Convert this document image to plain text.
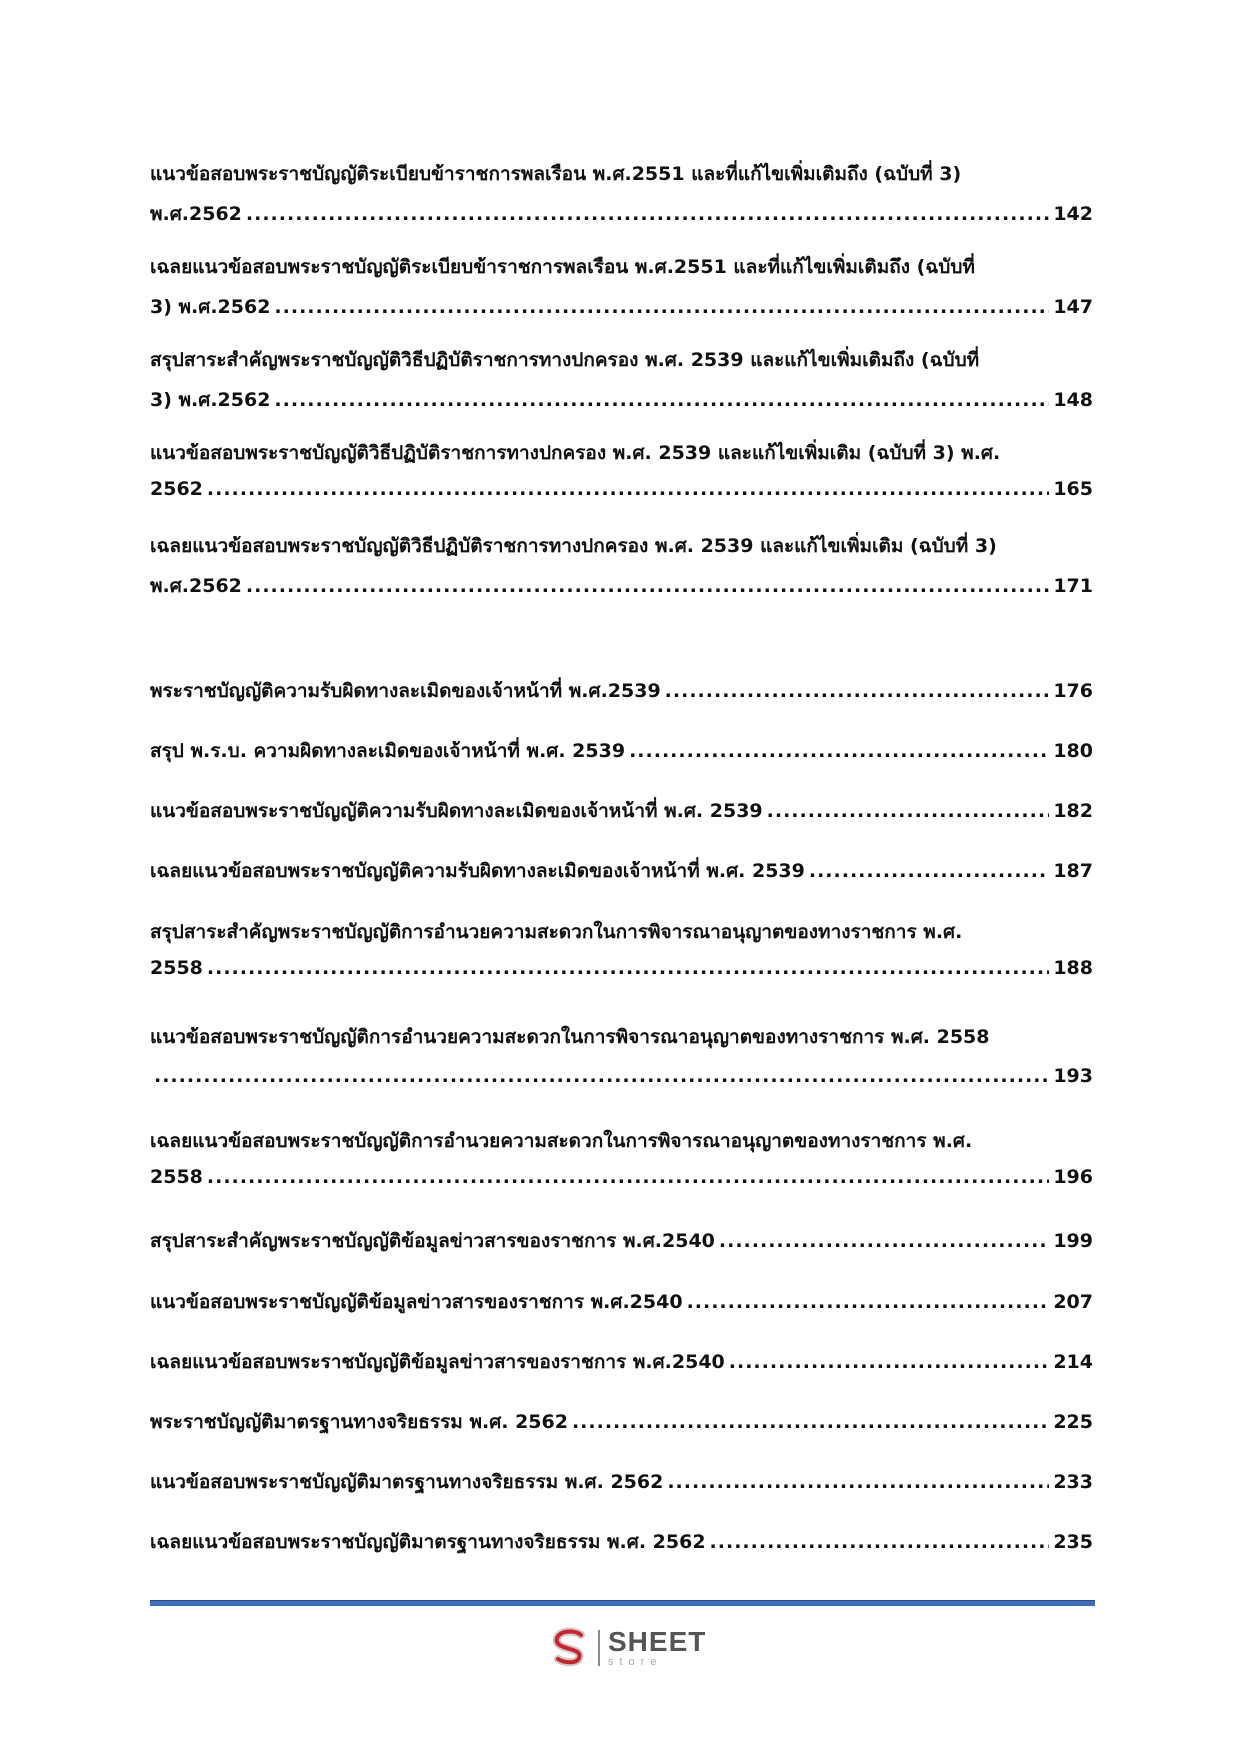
แนวข้อสอบพระราชบัญญัติระเบียบข้าราชการพลเรือน พ.ศ.2551 และที่แก้ไขเพิ่มเติมถึง (ฉบับที่ 3)
พ.ศ.2562 .....	142
เฉลยแนวข้อสอบพระราชบัญญัติระเบียบข้าราชการพลเรือน พ.ศ.2551 และที่แก้ไขเพิ่มเติมถึง (ฉบับที่
3) พ.ศ.2562 .....	147
สรุปสาระสำคัญพระราชบัญญัติวิธีปฏิบัติราชการทางปกครอง พ.ศ. 2539 และแก้ไขเพิ่มเติมถึง (ฉบับที่
3) พ.ศ.2562 .....	148
แนวข้อสอบพระราชบัญญัติวิธีปฏิบัติราชการทางปกครอง พ.ศ. 2539 และแก้ไขเพิ่มเติม (ฉบับที่ 3) พ.ศ.
2562 .....	165
เฉลยแนวข้อสอบพระราชบัญญัติวิธีปฏิบัติราชการทางปกครอง พ.ศ. 2539 และแก้ไขเพิ่มเติม (ฉบับที่ 3)
พ.ศ.2562 .....	171
พระราชบัญญัติความรับผิดทางละเมิดของเจ้าหน้าที่ พ.ศ.2539 .....	176
สรุป พ.ร.บ. ความผิดทางละเมิดของเจ้าหน้าที่ พ.ศ. 2539 .....	180
แนวข้อสอบพระราชบัญญัติความรับผิดทางละเมิดของเจ้าหน้าที่ พ.ศ. 2539 .....	182
เฉลยแนวข้อสอบพระราชบัญญัติความรับผิดทางละเมิดของเจ้าหน้าที่ พ.ศ. 2539 .....	187
สรุปสาระสำคัญพระราชบัญญัติการอำนวยความสะดวกในการพิจารณาอนุญาตของทางราชการ พ.ศ.
2558 .....	188
แนวข้อสอบพระราชบัญญัติการอำนวยความสะดวกในการพิจารณาอนุญาตของทางราชการ พ.ศ. 2558
.....
193
เฉลยแนวข้อสอบพระราชบัญญัติการอำนวยความสะดวกในการพิจารณาอนุญาตของทางราชการ พ.ศ.
2558 .....	196
สรุปสาระสำคัญพระราชบัญญัติข้อมูลข่าวสารของราชการ พ.ศ.2540 .....	199
แนวข้อสอบพระราชบัญญัติข้อมูลข่าวสารของราชการ พ.ศ.2540 .....	207
เฉลยแนวข้อสอบพระราชบัญญัติข้อมูลข่าวสารของราชการ พ.ศ.2540 .....	214
พระราชบัญญัติมาตรฐานทางจริยธรรม พ.ศ. 2562 .....	225
แนวข้อสอบพระราชบัญญัติมาตรฐานทางจริยธรรม พ.ศ. 2562 .....	233
เฉลยแนวข้อสอบพระราชบัญญัติมาตรฐานทางจริยธรรม พ.ศ. 2562 .....	235
SHEET
store
